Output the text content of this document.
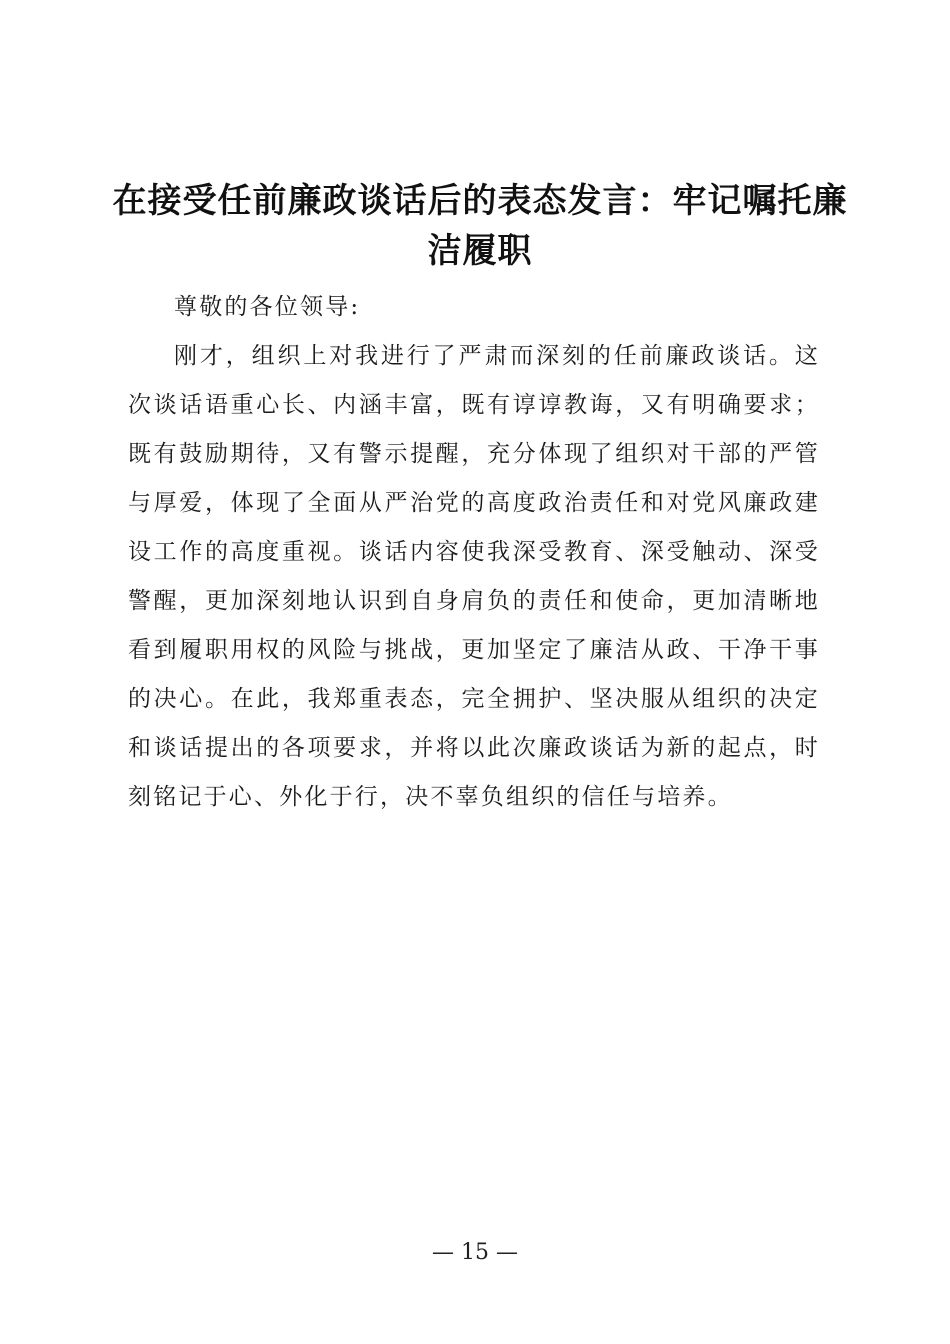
在接受任前廉政谈话后的表态发言：牢记嘱托廉洁履职

尊敬的各位领导:

刚才，组织上对我进行了严肃而深刻的任前廉政谈话。这次谈话语重心长、内涵丰富，既有谆谆教诲，又有明确要求；既有鼓励期待，又有警示提醒，充分体现了组织对干部的严管与厚爱，体现了全面从严治党的高度政治责任和对党风廉政建设工作的高度重视。谈话内容使我深受教育、深受触动、深受警醒，更加深刻地认识到自身肩负的责任和使命，更加清晰地看到履职用权的风险与挑战，更加坚定了廉洁从政、干净干事的决心。在此，我郑重表态，完全拥护、坚决服从组织的决定和谈话提出的各项要求，并将以此次廉政谈话为新的起点，时刻铭记于心、外化于行，决不辜负组织的信任与培养。

— 15 —
